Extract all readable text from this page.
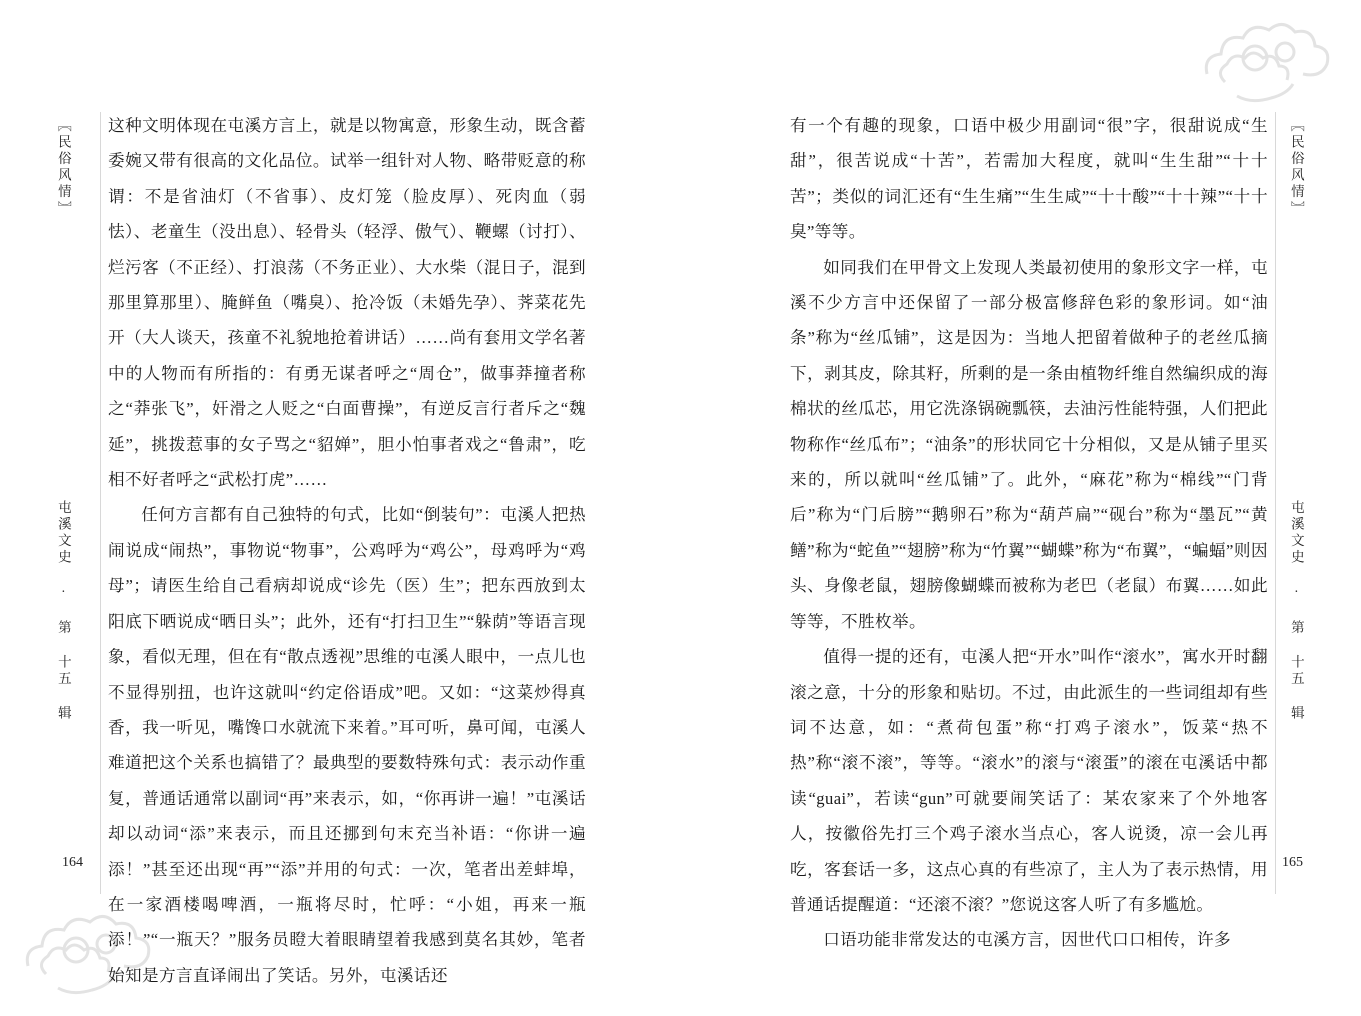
〖 民俗风情 〗
屯溪文史 · 第 十五 辑
〖 民俗风情 〗
屯溪文史 · 第 十五 辑

这种文明体现在屯溪方言上，就是以物寓意，形象生动，既含蓄委婉又带有很高的文化品位。试举一组针对人物、略带贬意的称谓：不是省油灯（不省事）、皮灯笼（脸皮厚）、死肉血（弱怯）、老童生（没出息）、轻骨头（轻浮、傲气）、鞭螺（讨打）、烂污客（不正经）、打浪荡（不务正业）、大水柴（混日子，混到那里算那里）、腌鲜鱼（嘴臭）、抢冷饭（未婚先孕）、荠菜花先开（大人谈天，孩童不礼貌地抢着讲话）……尚有套用文学名著中的人物而有所指的：有勇无谋者呼之“周仓”，做事莽撞者称之“莽张飞”，奸滑之人贬之“白面曹操”，有逆反言行者斥之“魏延”，挑拨惹事的女子骂之“貂婵”，胆小怕事者戏之“鲁肃”，吃相不好者呼之“武松打虎”……

任何方言都有自己独特的句式，比如“倒装句”：屯溪人把热闹说成“闹热”，事物说“物事”，公鸡呼为“鸡公”，母鸡呼为“鸡母”；请医生给自己看病却说成“诊先（医）生”；把东西放到太阳底下晒说成“晒日头”；此外，还有“打扫卫生”“躲荫”等语言现象，看似无理，但在有“散点透视”思维的屯溪人眼中，一点儿也不显得别扭，也许这就叫“约定俗语成”吧。又如：“这菜炒得真香，我一听见，嘴馋口水就流下来着。”耳可听，鼻可闻，屯溪人难道把这个关系也搞错了？最典型的要数特殊句式：表示动作重复，普通话通常以副词“再”来表示，如，“你再讲一遍！”屯溪话却以动词“添”来表示，而且还挪到句末充当补语：“你讲一遍添！”甚至还出现“再”“添”并用的句式：一次，笔者出差蚌埠，在一家酒楼喝啤酒，一瓶将尽时，忙呼：“小姐，再来一瓶添！”“一瓶天？”服务员瞪大着眼睛望着我感到莫名其妙，笔者始知是方言直译闹出了笑话。另外，屯溪话还

有一个有趣的现象，口语中极少用副词“很”字，很甜说成“生甜”，很苦说成“十苦”，若需加大程度，就叫“生生甜”“十十苦”；类似的词汇还有“生生痛”“生生咸”“十十酸”“十十辣”“十十臭”等等。

如同我们在甲骨文上发现人类最初使用的象形文字一样，屯溪不少方言中还保留了一部分极富修辞色彩的象形词。如“油条”称为“丝瓜铺”，这是因为：当地人把留着做种子的老丝瓜摘下，剥其皮，除其籽，所剩的是一条由植物纤维自然编织成的海棉状的丝瓜芯，用它洗涤锅碗瓢筷，去油污性能特强，人们把此物称作“丝瓜布”；“油条”的形状同它十分相似，又是从铺子里买来的，所以就叫“丝瓜铺”了。此外，“麻花”称为“棉线”“门背后”称为“门后膀”“鹅卵石”称为“葫芦扁”“砚台”称为“墨瓦”“黄鳝”称为“蛇鱼”“翅膀”称为“竹翼”“蝴蝶”称为“布翼”，“蝙蝠”则因头、身像老鼠，翅膀像蝴蝶而被称为老巴（老鼠）布翼……如此等等，不胜枚举。

值得一提的还有，屯溪人把“开水”叫作“滚水”，寓水开时翻滚之意，十分的形象和贴切。不过，由此派生的一些词组却有些词不达意，如：“煮荷包蛋”称“打鸡子滚水”，饭菜“热不热”称“滚不滚”，等等。“滚水”的滚与“滚蛋”的滚在屯溪话中都读“guai”，若读“gun”可就要闹笑话了：某农家来了个外地客人，按徽俗先打三个鸡子滚水当点心，客人说烫，凉一会儿再吃，客套话一多，这点心真的有些凉了，主人为了表示热情，用普通话提醒道：“还滚不滚？”您说这客人听了有多尴尬。

口语功能非常发达的屯溪方言，因世代口口相传，许多

164	165
